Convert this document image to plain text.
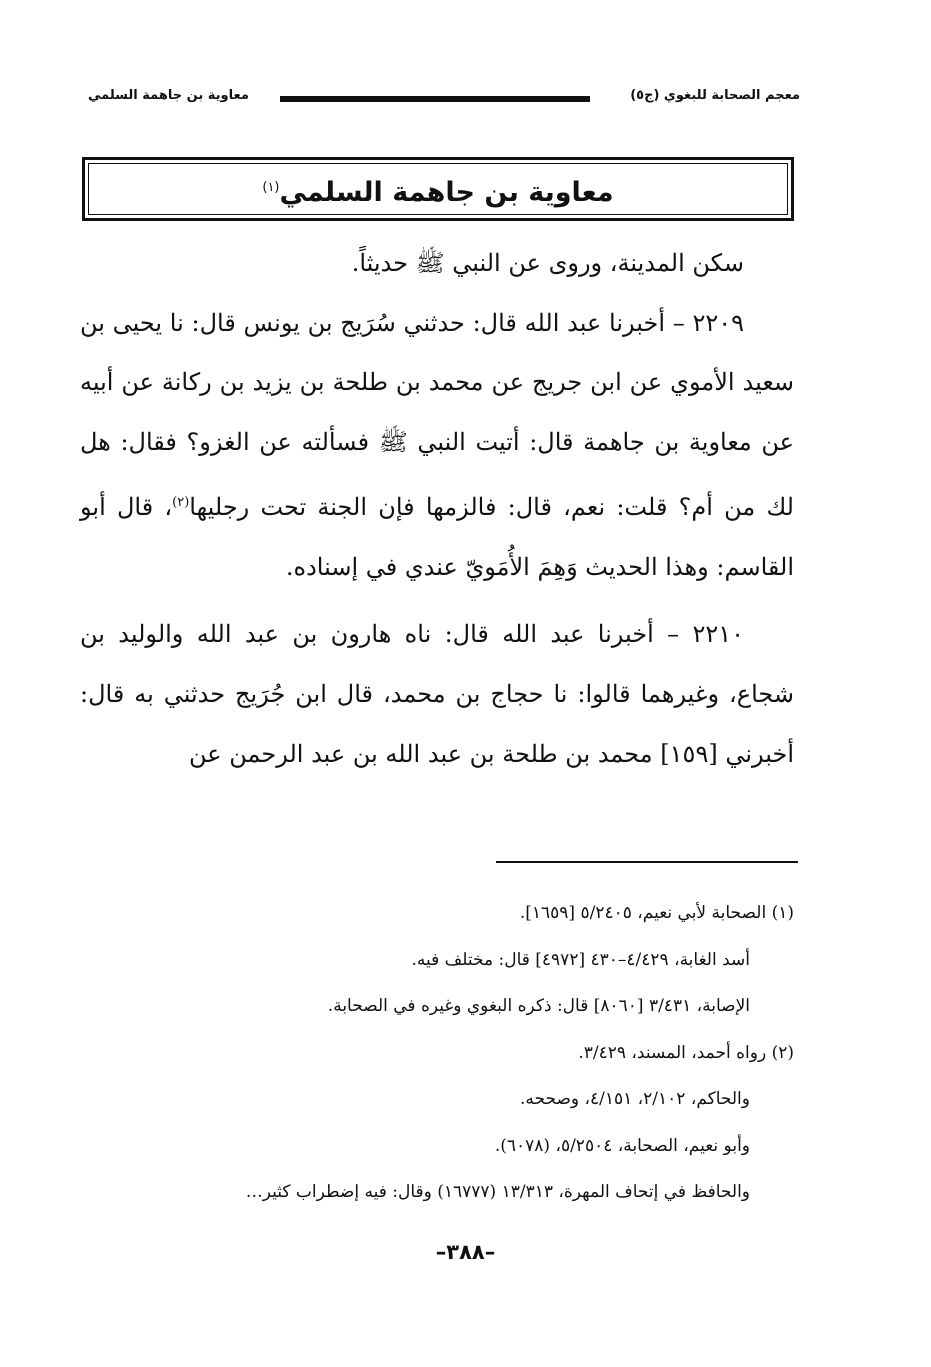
معجم الصحابة للبغوي (ج٥)
معاوية بن جاهمة السلمي
معاوية بن جاهمة السلمي$^{(١)}$

سكن المدينة، وروى عن النبي ﷺ حديثاً.

٢٢٠٩ – أخبرنا عبد الله قال: حدثني سُرَيج بن يونس قال: نا يحيى بن سعيد الأموي عن ابن جريج عن محمد بن طلحة بن يزيد بن ركانة عن أبيه عن معاوية بن جاهمة قال: أتيت النبي ﷺ فسألته عن الغزو؟ فقال: هل لك من أم؟ قلت: نعم، قال: فالزمها فإن الجنة تحت رجليها$^{(٢)}$، قال أبو القاسم: وهذا الحديث وَهِمَ الأُمَويّ عندي في إسناده.

٢٢١٠ – أخبرنا عبد الله قال: ناه هارون بن عبد الله والوليد بن شجاع، وغيرهما قالوا: نا حجاج بن محمد، قال ابن جُرَيج حدثني به قال: أخبرني [١٥٩] محمد بن طلحة بن عبد الله بن عبد الرحمن عن

(١) الصحابة لأبي نعيم، ٥/٢٤٠٥ [١٦٥٩].

أسد الغابة، ٤/٤٢٩–٤٣٠ [٤٩٧٢] قال: مختلف فيه.

الإصابة، ٣/٤٣١ [٨٠٦٠] قال: ذكره البغوي وغيره في الصحابة.

(٢) رواه أحمد، المسند، ٣/٤٢٩.

والحاكم، ٢/١٠٢، ٤/١٥١، وصححه.

وأبو نعيم، الصحابة، ٥/٢٥٠٤، (٦٠٧٨).

والحافظ في إتحاف المهرة، ١٣/٣١٣ (١٦٧٧٧) وقال: فيه إضطراب كثير…

–٣٨٨–
